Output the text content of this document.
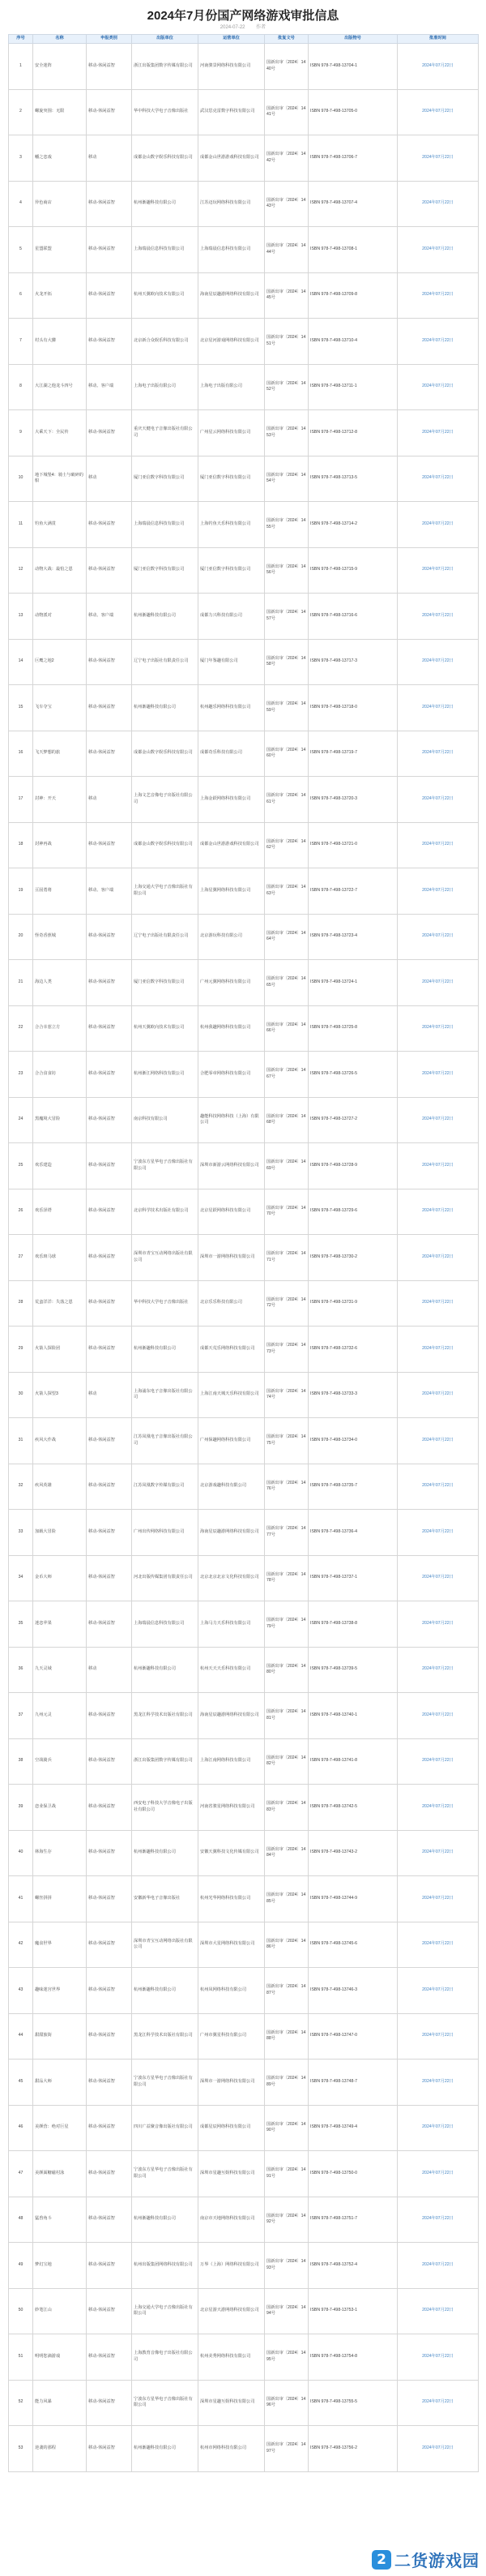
2024年7月份国产网络游戏审批信息
2024-07-22 作者
序号	名称	申报类别	出版单位	运营单位	批复文号	出版物号	批准时间
1	安全迷阵	移动-休闲益智	浙江出版集团数字传媒有限公司	河南骏景网络科技有限公司	国新出审〔2024〕1440号	ISBN 978-7-498-13704-1	2024年07月22日
2	螺旋突围：无限	移动-休闲益智	华中科技大学电子音像出版社	武汉思克雷数字科技有限公司	国新出审〔2024〕1441号	ISBN 978-7-498-13705-0	2024年07月22日
3	幡之恋戏	移动	成都金山数字娱乐科技有限公司	成都金山世游游戏科技有限公司	国新出审〔2024〕1442号	ISBN 978-7-498-13706-7	2024年07月22日
4	异色商店	移动-休闲益智	杭州渐趣科技有限公司	江苏迈玩网络科技有限公司	国新出审〔2024〕1443号	ISBN 978-7-498-13707-4	2024年07月22日
5	星盟联盟	移动-休闲益智	上海瑞晨信息科技有限公司	上海瑞晨信息科技有限公司	国新出审〔2024〕1444号	ISBN 978-7-498-13708-1	2024年07月22日
6	火龙开拓	移动-休闲益智	杭州天翼欧向技术有限公司	海南星辰趣游网络科技有限公司	国新出审〔2024〕1445号	ISBN 978-7-498-13709-8	2024年07月22日
7	村头有大獾	移动-休闲益智	北京新合众娱乐科技有限公司	北京星河游戏网络科技有限公司	国新出审〔2024〕1451号	ISBN 978-7-498-13710-4	2024年07月22日
8	大江湖之他龙斗四号	移动、客户端	上海电子出版有限公司	上海电子出版有限公司	国新出审〔2024〕1452号	ISBN 978-7-498-13711-1	2024年07月22日
9	大乘天下：全民传	移动-休闲益智	重庆天健电子音像出版社有限公司	广州星云网络科技有限公司	国新出审〔2024〕1453号	ISBN 978-7-498-13712-8	2024年07月22日
10	地下城堡4：骑士与破碎的船	移动	厦门亚信数字科技有限公司	厦门亚信数字科技有限公司	国新出审〔2024〕1454号	ISBN 978-7-498-13713-5	2024年07月22日
11	钓鱼大满贯	移动-休闲益智	上海瑞晨信息科技有限公司	上海钓鱼天乐科技有限公司	国新出审〔2024〕1455号	ISBN 978-7-498-13714-2	2024年07月22日
12	动物大战：最怕之恩	移动-休闲益智	厦门亚信数字科技有限公司	厦门亚信数字科技有限公司	国新出审〔2024〕1456号	ISBN 978-7-498-13715-9	2024年07月22日
13	动物派对	移动、客户端	杭州渐趣科技有限公司	成都力兴科技有限公司	国新出审〔2024〕1457号	ISBN 978-7-498-13716-6	2024年07月22日
14	巨鹰之地2	移动-休闲益智	辽宁电子出版社有限责任公司	厦门年鉴趣有限公司	国新出审〔2024〕1458号	ISBN 978-7-498-13717-3	2024年07月22日
15	飞车夺宝	移动-休闲益智	杭州渐趣科技有限公司	杭州趣乐网络科技有限公司	国新出审〔2024〕1459号	ISBN 978-7-498-13718-0	2024年07月22日
16	飞天梦想的旅	移动-休闲益智	成都金山数字娱乐科技有限公司	成都奇乐科技有限公司	国新出审〔2024〕1460号	ISBN 978-7-498-13719-7	2024年07月22日
17	封神：开天	移动	上海文艺音像电子出版社有限公司	上海金跃网络科技有限公司	国新出审〔2024〕1461号	ISBN 978-7-498-13720-3	2024年07月22日
18	封神再战	移动-休闲益智	成都金山数字娱乐科技有限公司	成都金山世游游戏科技有限公司	国新出审〔2024〕1462号	ISBN 978-7-498-13721-0	2024年07月22日
19	亘固勇将	移动、客户端	上海交通大学电子音像出版社有限公司	上海星翼网络科技有限公司	国新出审〔2024〕1463号	ISBN 978-7-498-13722-7	2024年07月22日
20	怪奇香蕉城	移动-休闲益智	辽宁电子出版社有限责任公司	北京游玩科技有限公司	国新出审〔2024〕1464号	ISBN 978-7-498-13723-4	2024年07月22日
21	海边人类	移动-休闲益智	厦门亚信数字科技有限公司	广州元翼网络科技有限公司	国新出审〔2024〕1465号	ISBN 978-7-498-13724-1	2024年07月22日
22	合合幸惹立方	移动-休闲益智	杭州天翼欧向技术有限公司	杭州我趣网络科技有限公司	国新出审〔2024〕1466号	ISBN 978-7-498-13725-8	2024年07月22日
23	合合食食坊	移动-休闲益智	杭州渐江网络科技有限公司	合肥零章网络科技有限公司	国新出审〔2024〕1467号	ISBN 978-7-498-13726-5	2024年07月22日
24	黑魔境大冒险	移动-休闲益智	南京科技有限公司	趣能科技网络科技（上海）有限公司	国新出审〔2024〕1468号	ISBN 978-7-498-13727-2	2024年07月22日
25	欢乐建造	移动-休闲益智	宁波东方星华电子音像出版社有限公司	深圳市新游云网络科技有限公司	国新出审〔2024〕1469号	ISBN 978-7-498-13728-9	2024年07月22日
26	欢乐泽塔	移动-休闲益智	北京科学技术出版社有限公司	北京星跃网络科技有限公司	国新出审〔2024〕1470号	ISBN 978-7-498-13729-6	2024年07月22日
27	欢乐斑马球	移动-休闲益智	深圳市青宝互动网络出版社有限公司	深圳市一游网络科技有限公司	国新出审〔2024〕1471号	ISBN 978-7-498-13730-2	2024年07月22日
28	荒蛮洋洋：失落之恩	移动-休闲益智	华中科技大学电子音像出版社	北京乐乐科技有限公司	国新出审〔2024〕1472号	ISBN 978-7-498-13731-9	2024年07月22日
29	火箭人探险团	移动-休闲益智	杭州渐趣科技有限公司	成都天荒乐网络科技有限公司	国新出审〔2024〕1473号	ISBN 978-7-498-13732-6	2024年07月22日
30	火箭人探望3	移动	上海浦东电子音像出版社有限公司	上海江南天城天乐科技有限公司	国新出审〔2024〕1474号	ISBN 978-7-498-13733-3	2024年07月22日
31	疾风大作战	移动-休闲益智	江苏凤凰电子音像出版社有限公司	广州保趣网络科技有限公司	国新出审〔2024〕1475号	ISBN 978-7-498-13734-0	2024年07月22日
32	疾风英雄	移动-休闲益智	江苏凤凰数字传媒有限公司	北京游戏趣科技有限公司	国新出审〔2024〕1476号	ISBN 978-7-498-13735-7	2024年07月22日
33	加载大冒险	移动-休闲益智	广州出传网络科技有限公司	海南星辰趣游网络科技有限公司	国新出审〔2024〕1477号	ISBN 978-7-498-13736-4	2024年07月22日
34	金币大师	移动-休闲益智	河北出版传媒集团有限责任公司	北京北京北京文化科技有限公司	国新出审〔2024〕1478号	ISBN 978-7-498-13737-1	2024年07月22日
35	迷恋苹果	移动-休闲益智	上海瑞晨信息科技有限公司	上海马力天乐科技有限公司	国新出审〔2024〕1479号	ISBN 978-7-498-13738-8	2024年07月22日
36	九天灵域	移动	杭州渐趣科技有限公司	杭州天天天乐科技有限公司	国新出审〔2024〕1480号	ISBN 978-7-498-13739-5	2024年07月22日
37	九州元灵	移动-休闲益智	黑龙江科学技术出版社有限公司	海南星辰趣游网络科技有限公司	国新出审〔2024〕1481号	ISBN 978-7-498-13740-1	2024年07月22日
38	空战骑兵	移动-休闲益智	浙江出版集团数字传媒有限公司	上海江南网络科技有限公司	国新出审〔2024〕1482号	ISBN 978-7-498-13741-8	2024年07月22日
39	恋业保卫战	移动-休闲益智	西安电子科技大学音像电子出版社有限公司	河南省骏星网络科技有限公司	国新出审〔2024〕1483号	ISBN 978-7-498-13742-5	2024年07月22日
40	林海生存	移动-休闲益智	杭州渐趣科技有限公司	安徽天翼科技文化传媒有限公司	国新出审〔2024〕1484号	ISBN 978-7-498-13743-2	2024年07月22日
41	螺丝拼拼	移动-休闲益智	安徽新华电子音像出版社	杭州光华网络科技有限公司	国新出审〔2024〕1485号	ISBN 978-7-498-13744-9	2024年07月22日
42	魔食世界	移动-休闲益智	深圳市青宝互动网络出版社有限公司	深圳市大星网络科技有限公司	国新出审〔2024〕1486号	ISBN 978-7-498-13745-6	2024年07月22日
43	趣味迷宫世界	移动-休闲益智	杭州渐趣科技有限公司	杭州凤网络科技有限公司	国新出审〔2024〕1487号	ISBN 978-7-498-13746-3	2024年07月22日
44	甜甜旅街	移动-休闲益智	黑龙江科学技术出版社有限公司	广州市翼星科技有限公司	国新出审〔2024〕1488号	ISBN 978-7-498-13747-0	2024年07月22日
45	甜品大师	移动-休闲益智	宁波东方星华电子音像出版社有限公司	深圳市一游网络科技有限公司	国新出审〔2024〕1489号	ISBN 978-7-498-13748-7	2024年07月22日
46	美颜营：绝对巨星	移动-休闲益智	四川广益聚音像出版社有限公司	成都星辰网络科技有限公司	国新出审〔2024〕1490号	ISBN 978-7-498-13749-4	2024年07月22日
47	美颜面糖磁村泳	移动-休闲益智	宁波东方星华电子音像出版社有限公司	深圳市星趣互娱科技有限公司	国新出审〔2024〕1491号	ISBN 978-7-498-13750-0	2024年07月22日
48	猛兽角斗	移动-休闲益智	杭州渐趣科技有限公司	南京市天地网络科技有限公司	国新出审〔2024〕1492号	ISBN 978-7-498-13751-7	2024年07月22日
49	梦幻宝地	移动-休闲益智	杭州出版集团网络科技有限公司	万界（上海）网络科技有限公司	国新出审〔2024〕1493号	ISBN 978-7-498-13752-4	2024年07月22日
50	妙笔江山	移动-休闲益智	上海交通大学电子音像出版社有限公司	北京星游天游网络科技有限公司	国新出审〔2024〕1494号	ISBN 978-7-498-13753-1	2024年07月22日
51	明明您滴游戏	移动-休闲益智	上海教育音像电子出版社有限公司	杭州美秀网络科技有限公司	国新出审〔2024〕1495号	ISBN 978-7-498-13754-8	2024年07月22日
52	能力风暴	移动-休闲益智	宁波东方星华电子音像出版社有限公司	深圳市星趣互娱科技有限公司	国新出审〔2024〕1496号	ISBN 978-7-498-13755-5	2024年07月22日
53	逆袭的那程	移动-休闲益智	杭州渐趣科技有限公司	杭州市网络科技有限公司	国新出审〔2024〕1497号	ISBN 978-7-498-13756-2	2024年07月22日
2 二货游戏园
